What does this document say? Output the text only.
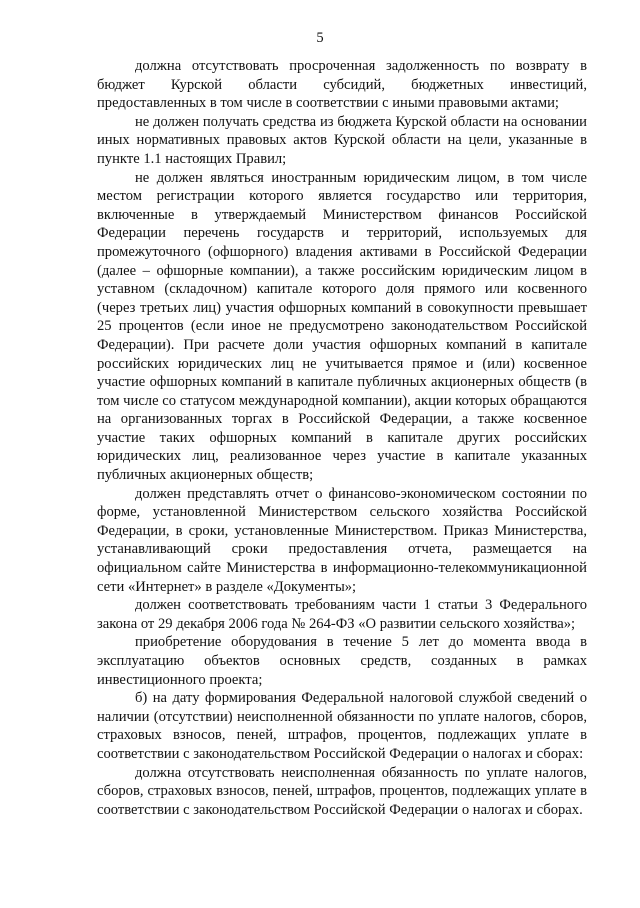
5

должна отсутствовать просроченная задолженность по возврату в бюджет Курской области субсидий, бюджетных инвестиций, предоставленных в том числе в соответствии с иными правовыми актами;

не должен получать средства из бюджета Курской области на основании иных нормативных правовых актов Курской области на цели, указанные в пункте 1.1 настоящих Правил;

не должен являться иностранным юридическим лицом, в том числе местом регистрации которого является государство или территория, включенные в утверждаемый Министерством финансов Российской Федерации перечень государств и территорий, используемых для промежуточного (офшорного) владения активами в Российской Федерации (далее – офшорные компании), а также российским юридическим лицом в уставном (складочном) капитале которого доля прямого или косвенного (через третьих лиц) участия офшорных компаний в совокупности превышает 25 процентов (если иное не предусмотрено законодательством Российской Федерации). При расчете доли участия офшорных компаний в капитале российских юридических лиц не учитывается прямое и (или) косвенное участие офшорных компаний в капитале публичных акционерных обществ (в том числе со статусом международной компании), акции которых обращаются на организованных торгах в Российской Федерации, а также косвенное участие таких офшорных компаний в капитале других российских юридических лиц, реализованное через участие в капитале указанных публичных акционерных обществ;

должен представлять отчет о финансово-экономическом состоянии по форме, установленной Министерством сельского хозяйства Российской Федерации, в сроки, установленные Министерством. Приказ Министерства, устанавливающий сроки предоставления отчета, размещается на официальном сайте Министерства в информационно-телекоммуникационной сети «Интернет» в разделе «Документы»;

должен соответствовать требованиям части 1 статьи 3 Федерального закона от 29 декабря 2006 года № 264-ФЗ «О развитии сельского хозяйства»;

приобретение оборудования в течение 5 лет до момента ввода в эксплуатацию объектов основных средств, созданных в рамках инвестиционного проекта;

б) на дату формирования Федеральной налоговой службой сведений о наличии (отсутствии) неисполненной обязанности по уплате налогов, сборов, страховых взносов, пеней, штрафов, процентов, подлежащих уплате в соответствии с законодательством Российской Федерации о налогах и сборах:

должна отсутствовать неисполненная обязанность по уплате налогов, сборов, страховых взносов, пеней, штрафов, процентов, подлежащих уплате в соответствии с законодательством Российской Федерации о налогах и сборах.
